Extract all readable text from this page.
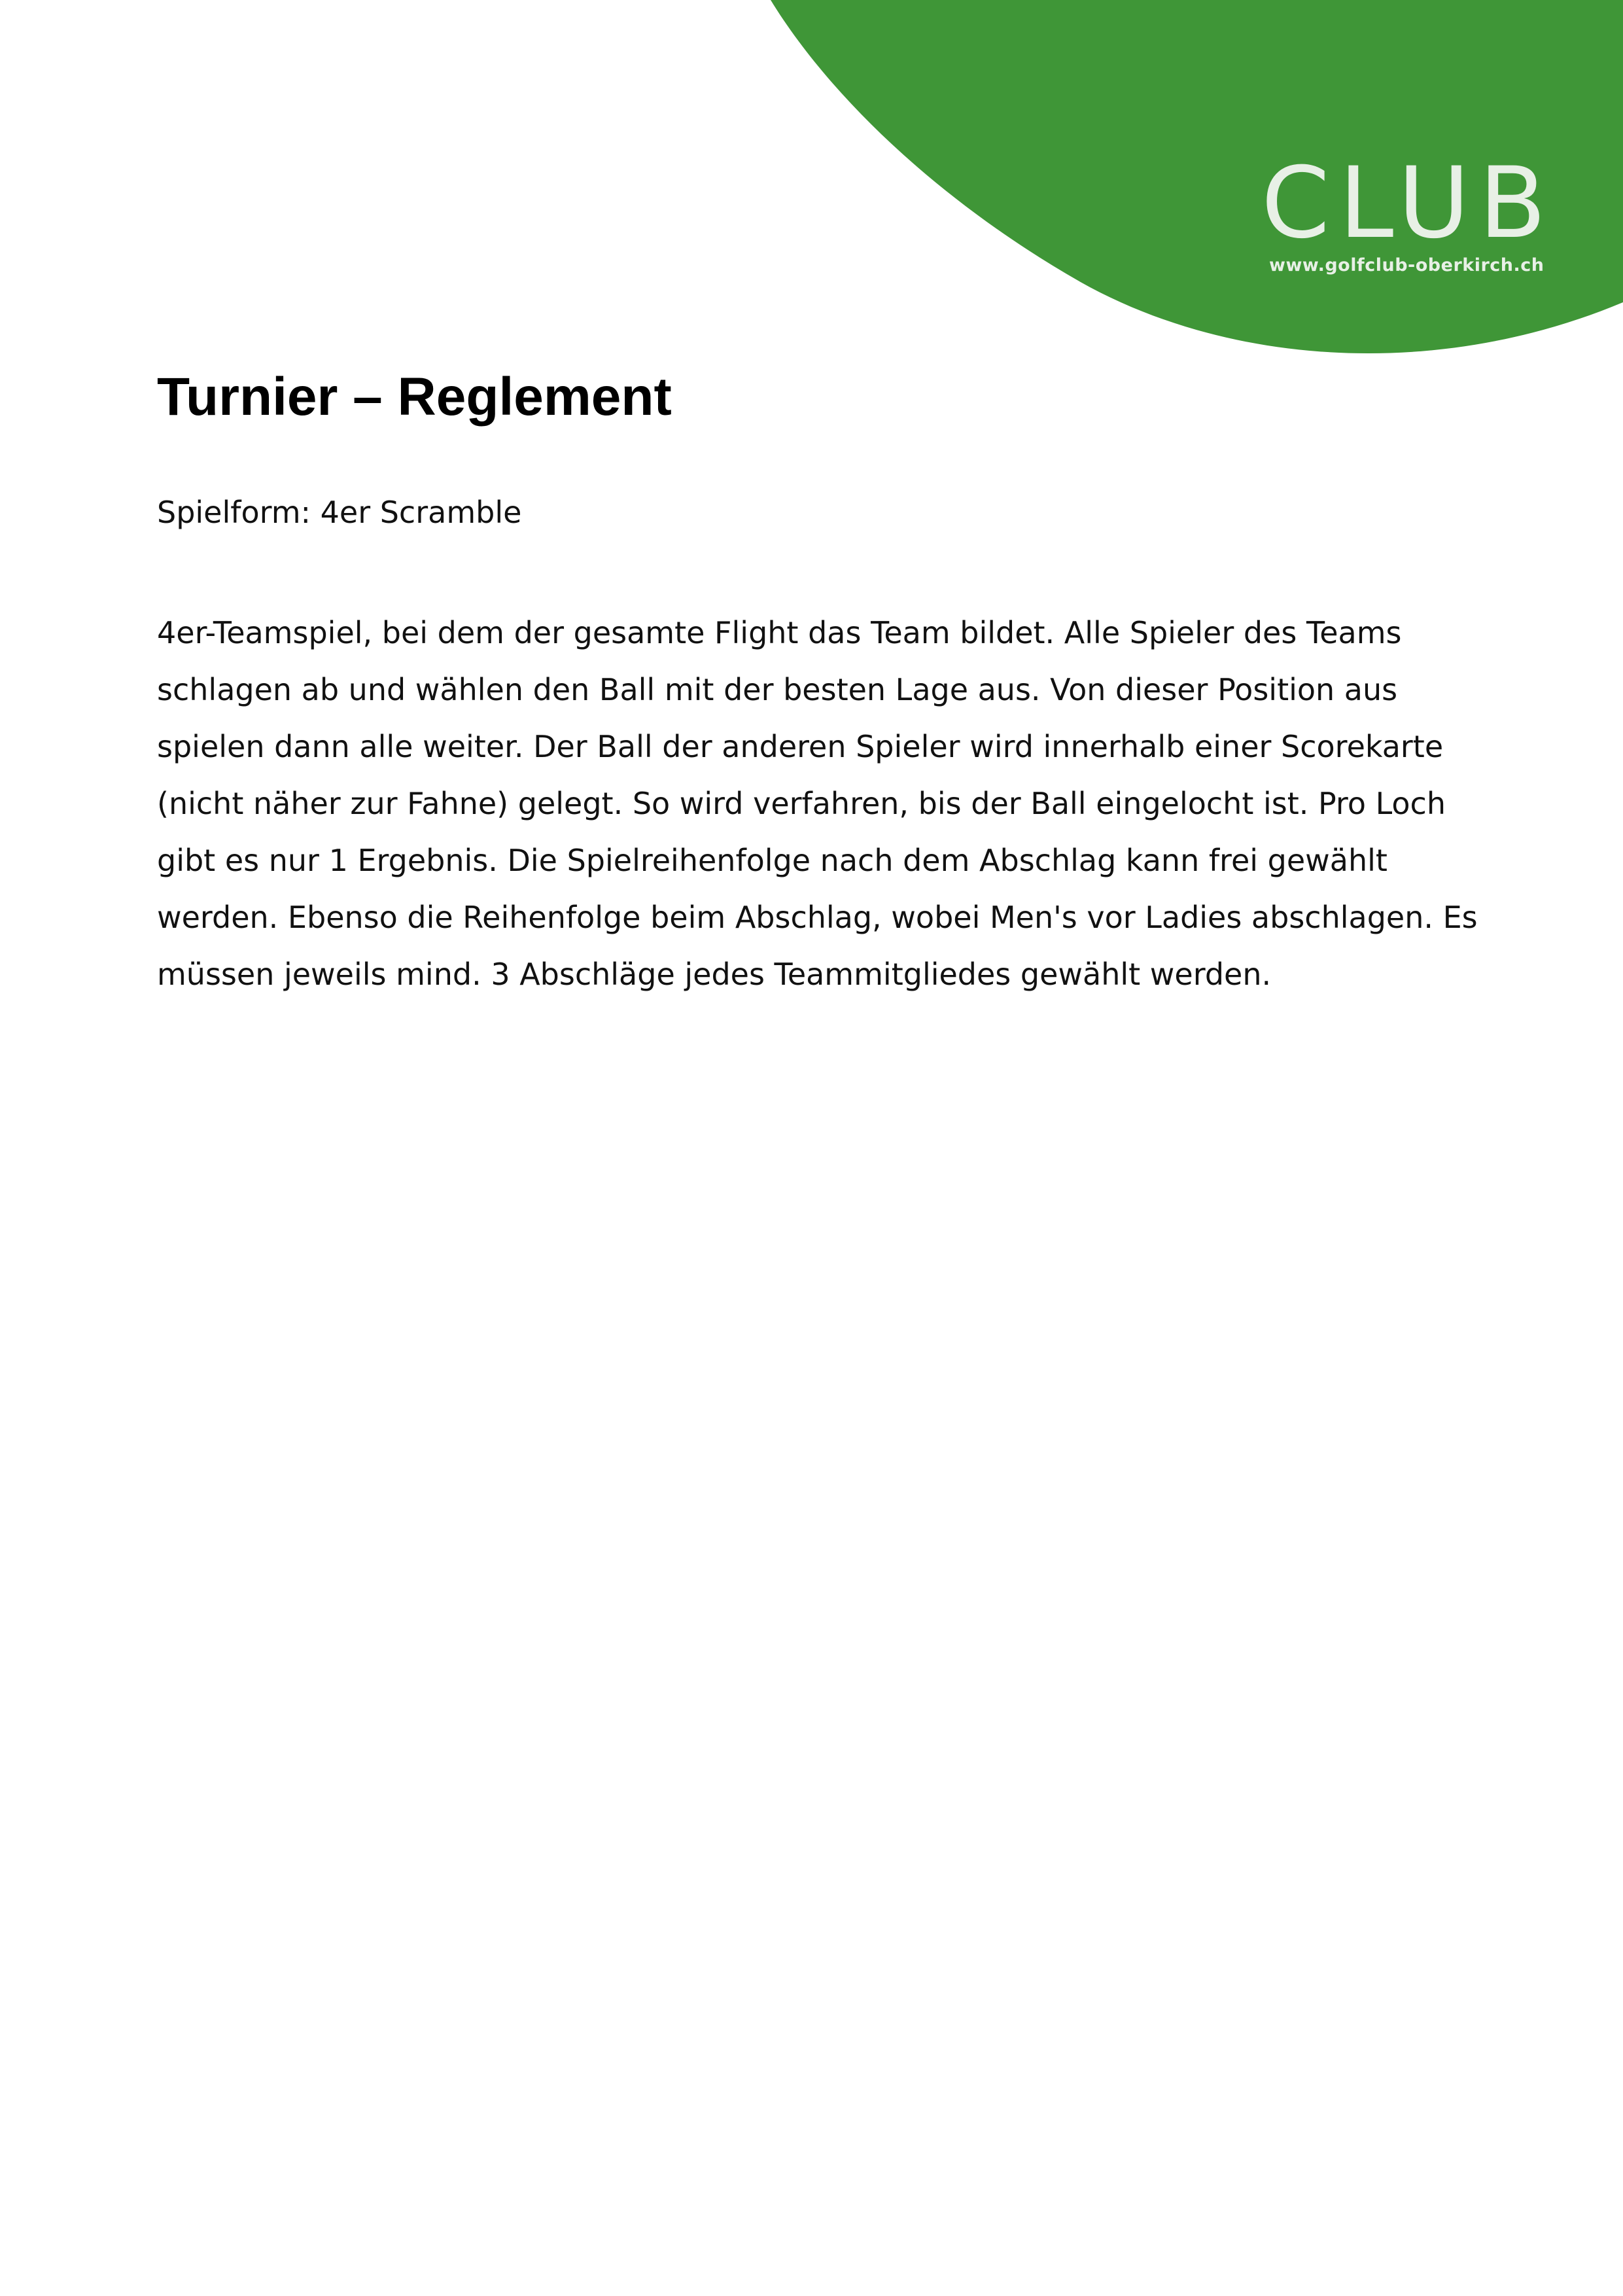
CLUB
www.golfclub-oberkirch.ch
Turnier – Reglement

Spielform: 4er Scramble

4er-Teamspiel, bei dem der gesamte Flight das Team bildet. Alle Spieler des Teams
schlagen ab und wählen den Ball mit der besten Lage aus. Von dieser Position aus
spielen dann alle weiter. Der Ball der anderen Spieler wird innerhalb einer Scorekarte
(nicht näher zur Fahne) gelegt. So wird verfahren, bis der Ball eingelocht ist. Pro Loch
gibt es nur 1 Ergebnis. Die Spielreihenfolge nach dem Abschlag kann frei gewählt
werden. Ebenso die Reihenfolge beim Abschlag, wobei Men's vor Ladies abschlagen. Es
müssen jeweils mind. 3 Abschläge jedes Teammitgliedes gewählt werden.
